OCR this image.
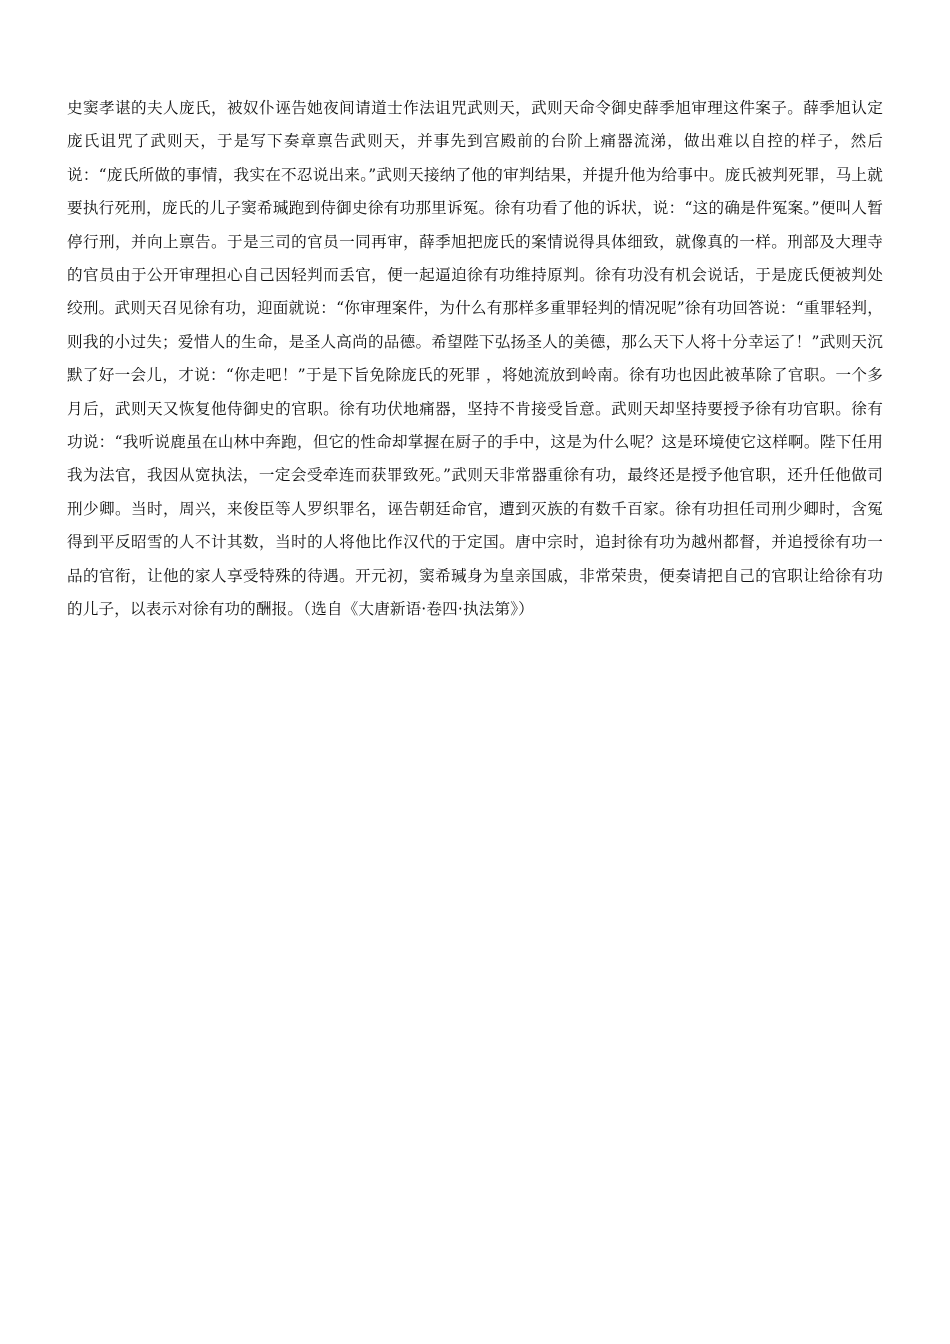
史窦孝谌的夫人庞氏，被奴仆诬告她夜间请道士作法诅咒武则天，武则天命令御史薛季旭审理这件案子。薛季旭认定庞氏诅咒了武则天，于是写下奏章禀告武则天，并事先到宫殿前的台阶上痛器流涕，做出难以自控的样子，然后说：“庞氏所做的事情，我实在不忍说出来。”武则天接纳了他的审判结果，并提升他为给事中。庞氏被判死罪，马上就要执行死刑，庞氏的儿子窦希瑊跑到侍御史徐有功那里诉冤。徐有功看了他的诉状，说：“这的确是件冤案。”便叫人暂停行刑，并向上禀告。于是三司的官员一同再审，薛季旭把庞氏的案情说得具体细致，就像真的一样。刑部及大理寺的官员由于公开审理担心自己因轻判而丢官，便一起逼迫徐有功维持原判。徐有功没有机会说话，于是庞氏便被判处绞刑。武则天召见徐有功，迎面就说：“你审理案件，为什么有那样多重罪轻判的情况呢”徐有功回答说：“重罪轻判，则我的小过失；爱惜人的生命，是圣人高尚的品德。希望陛下弘扬圣人的美德，那么天下人将十分幸运了！”武则天沉默了好一会儿，才说：“你走吧！”于是下旨免除庞氏的死罪 ，将她流放到岭南。徐有功也因此被革除了官职。一个多月后，武则天又恢复他侍御史的官职。徐有功伏地痛器，坚持不肯接受旨意。武则天却坚持要授予徐有功官职。徐有功说：“我听说鹿虽在山林中奔跑，但它的性命却掌握在厨子的手中，这是为什么呢？这是环境使它这样啊。陛下任用我为法官，我因从宽执法，一定会受牵连而获罪致死。”武则天非常器重徐有功，最终还是授予他官职，还升任他做司刑少卿。当时，周兴，来俊臣等人罗织罪名，诬告朝廷命官，遭到灭族的有数千百家。徐有功担任司刑少卿时，含冤得到平反昭雪的人不计其数，当时的人将他比作汉代的于定国。唐中宗时，追封徐有功为越州都督，并追授徐有功一品的官衔，让他的家人享受特殊的待遇。开元初，窦希瑊身为皇亲国戚，非常荣贵，便奏请把自己的官职让给徐有功的儿子，以表示对徐有功的酬报。（选自《大唐新语·卷四·执法第》）
